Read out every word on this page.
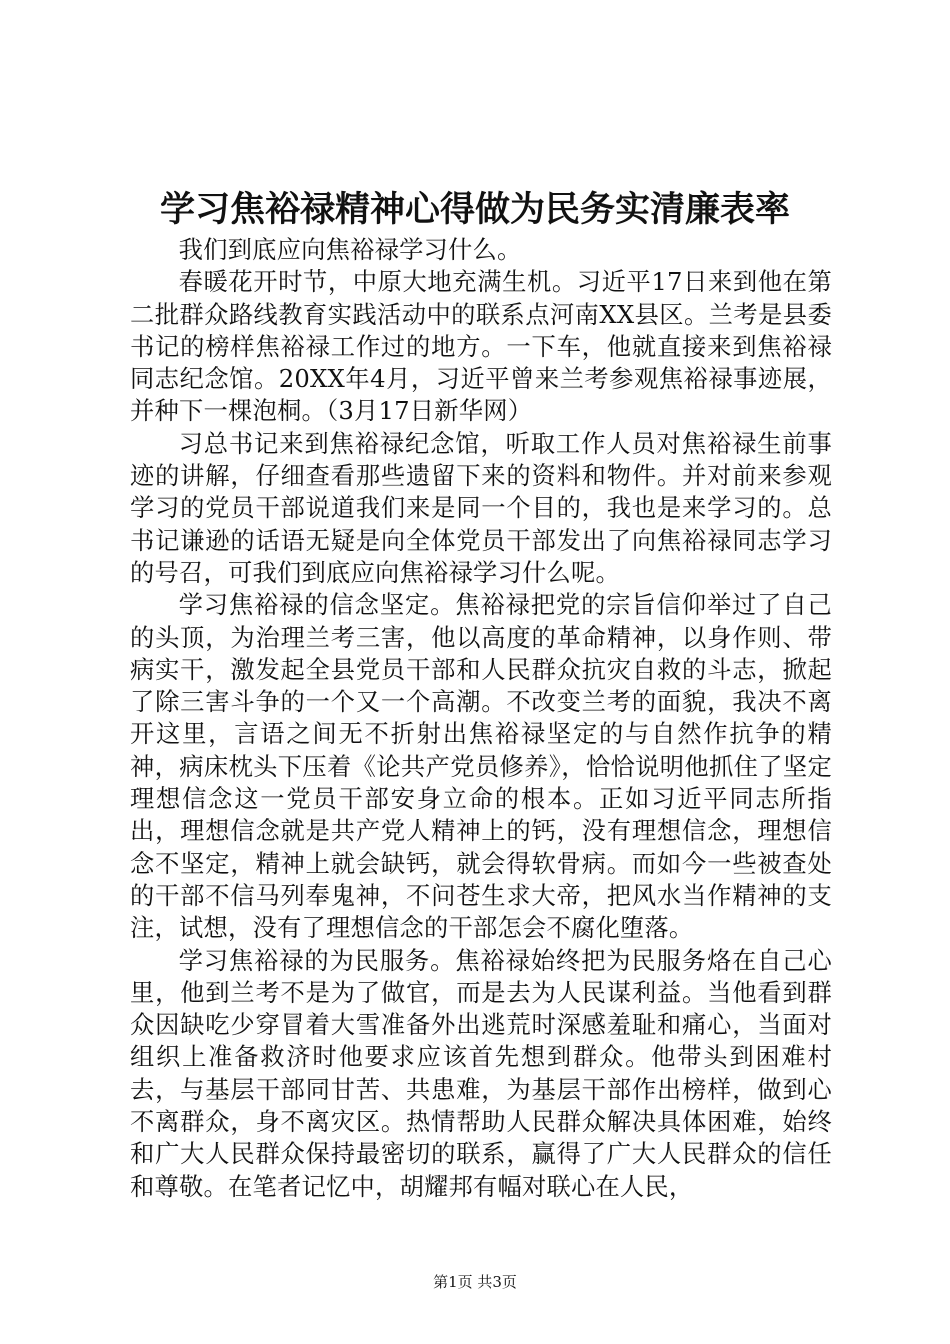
学习焦裕禄精神心得做为民务实清廉表率

我们到底应向焦裕禄学习什么。

春暖花开时节，中原大地充满生机。习近平17日来到他在第二批群众路线教育实践活动中的联系点河南XX县区。兰考是县委书记的榜样焦裕禄工作过的地方。一下车，他就直接来到焦裕禄同志纪念馆。20XX年4月，习近平曾来兰考参观焦裕禄事迹展，并种下一棵泡桐。（3月17日新华网）

习总书记来到焦裕禄纪念馆，听取工作人员对焦裕禄生前事迹的讲解，仔细查看那些遗留下来的资料和物件。并对前来参观学习的党员干部说道我们来是同一个目的，我也是来学习的。总书记谦逊的话语无疑是向全体党员干部发出了向焦裕禄同志学习的号召，可我们到底应向焦裕禄学习什么呢。

学习焦裕禄的信念坚定。焦裕禄把党的宗旨信仰举过了自己的头顶，为治理兰考三害，他以高度的革命精神，以身作则、带病实干，激发起全县党员干部和人民群众抗灾自救的斗志，掀起了除三害斗争的一个又一个高潮。不改变兰考的面貌，我决不离开这里，言语之间无不折射出焦裕禄坚定的与自然作抗争的精神，病床枕头下压着《论共产党员修养》，恰恰说明他抓住了坚定理想信念这一党员干部安身立命的根本。正如习近平同志所指出，理想信念就是共产党人精神上的钙，没有理想信念，理想信念不坚定，精神上就会缺钙，就会得软骨病。而如今一些被查处的干部不信马列奉鬼神，不问苍生求大帝，把风水当作精神的支注，试想，没有了理想信念的干部怎会不腐化堕落。

学习焦裕禄的为民服务。焦裕禄始终把为民服务烙在自己心里，他到兰考不是为了做官，而是去为人民谋利益。当他看到群众因缺吃少穿冒着大雪准备外出逃荒时深感羞耻和痛心，当面对组织上准备救济时他要求应该首先想到群众。他带头到困难村去，与基层干部同甘苦、共患难，为基层干部作出榜样，做到心不离群众，身不离灾区。热情帮助人民群众解决具体困难，始终和广大人民群众保持最密切的联系，赢得了广大人民群众的信任和尊敬。在笔者记忆中，胡耀邦有幅对联心在人民，

第1页 共3页
